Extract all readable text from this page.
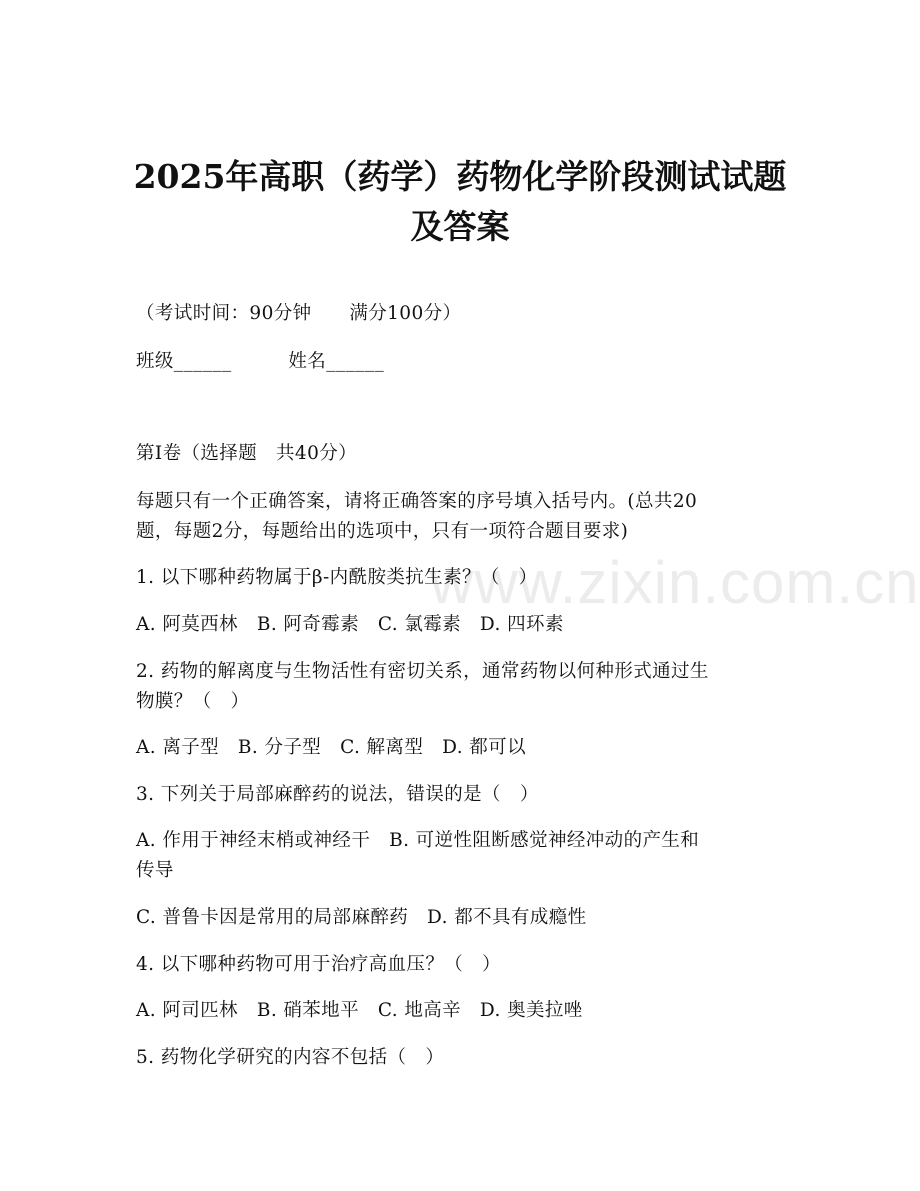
www.zixin.com.cn
2025年高职（药学）药物化学阶段测试试题
及答案
（考试时间：90分钟　　满分100分）
班级______　　　姓名______
第Ⅰ卷（选择题　共40分）
每题只有一个正确答案，请将正确答案的序号填入括号内。(总共20
题，每题2分，每题给出的选项中，只有一项符合题目要求)
1. 以下哪种药物属于β-内酰胺类抗生素？（　）
A. 阿莫西林　B. 阿奇霉素　C. 氯霉素　D. 四环素
2. 药物的解离度与生物活性有密切关系，通常药物以何种形式通过生
物膜？（　）
A. 离子型　B. 分子型　C. 解离型　D. 都可以
3. 下列关于局部麻醉药的说法，错误的是（　）
A. 作用于神经末梢或神经干　B. 可逆性阻断感觉神经冲动的产生和
传导
C. 普鲁卡因是常用的局部麻醉药　D. 都不具有成瘾性
4. 以下哪种药物可用于治疗高血压？（　）
A. 阿司匹林　B. 硝苯地平　C. 地高辛　D. 奥美拉唑
5. 药物化学研究的内容不包括（　）
